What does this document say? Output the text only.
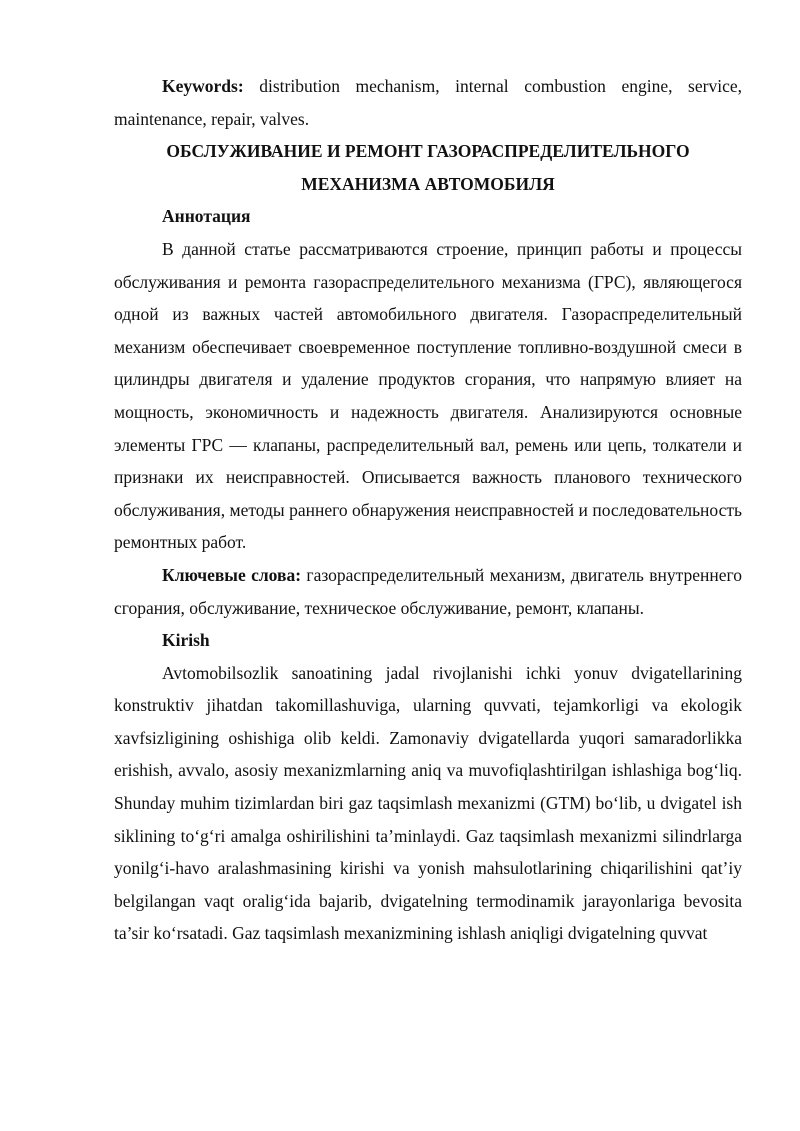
Keywords: distribution mechanism, internal combustion engine, service, maintenance, repair, valves.

ОБСЛУЖИВАНИЕ И РЕМОНТ ГАЗОРАСПРЕДЕЛИТЕЛЬНОГО

МЕХАНИЗМА АВТОМОБИЛЯ

Аннотация

В данной статье рассматриваются строение, принцип работы и процессы обслуживания и ремонта газораспределительного механизма (ГРС), являющегося одной из важных частей автомобильного двигателя. Газораспределительный механизм обеспечивает своевременное поступление топливно-воздушной смеси в цилиндры двигателя и удаление продуктов сгорания, что напрямую влияет на мощность, экономичность и надежность двигателя. Анализируются основные элементы ГРС — клапаны, распределительный вал, ремень или цепь, толкатели и признаки их неисправностей. Описывается важность планового технического обслуживания, методы раннего обнаружения неисправностей и последовательность ремонтных работ.

Ключевые слова: газораспределительный механизм, двигатель внутреннего сгорания, обслуживание, техническое обслуживание, ремонт, клапаны.

Kirish

Avtomobilsozlik sanoatining jadal rivojlanishi ichki yonuv dvigatellarining konstruktiv jihatdan takomillashuviga, ularning quvvati, tejamkorligi va ekologik xavfsizligining oshishiga olib keldi. Zamonaviy dvigatellarda yuqori samaradorlikka erishish, avvalo, asosiy mexanizmlarning aniq va muvofiqlashtirilgan ishlashiga bog‘liq. Shunday muhim tizimlardan biri gaz taqsimlash mexanizmi (GTM) bo‘lib, u dvigatel ish siklining to‘g‘ri amalga oshirilishini ta’minlaydi. Gaz taqsimlash mexanizmi silindrlarga yonilg‘i-havo aralashmasining kirishi va yonish mahsulotlarining chiqarilishini qat’iy belgilangan vaqt oralig‘ida bajarib, dvigatelning termodinamik jarayonlariga bevosita ta’sir ko‘rsatadi. Gaz taqsimlash mexanizmining ishlash aniqligi dvigatelning quvvat
